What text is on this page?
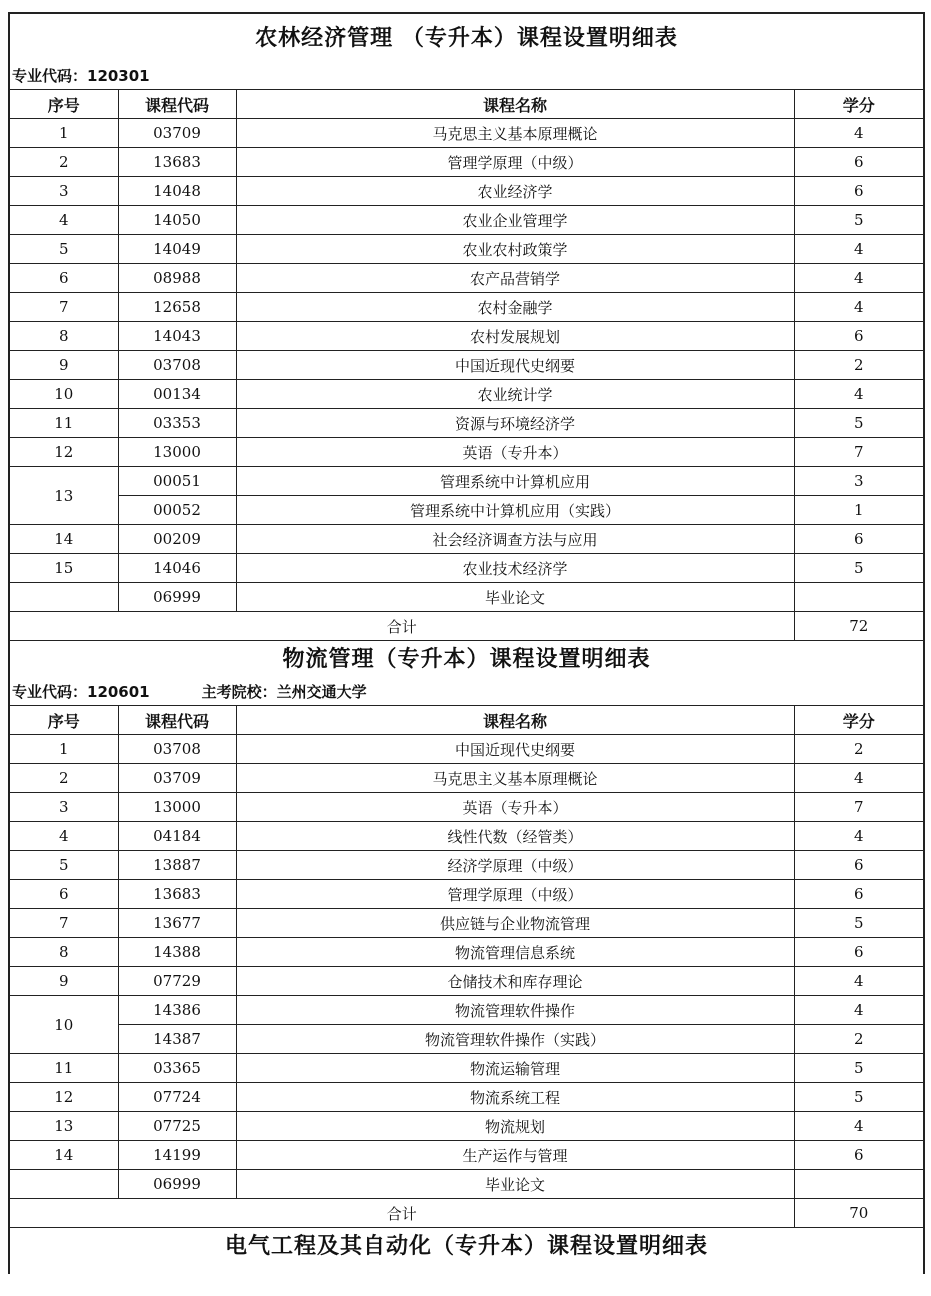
农林经济管理 （专升本）课程设置明细表
专业代码：120301
序号	课程代码	课程名称	学分
1	03709	马克思主义基本原理概论	4
2	13683	管理学原理（中级）	6
3	14048	农业经济学	6
4	14050	农业企业管理学	5
5	14049	农业农村政策学	4
6	08988	农产品营销学	4
7	12658	农村金融学	4
8	14043	农村发展规划	6
9	03708	中国近现代史纲要	2
10	00134	农业统计学	4
11	03353	资源与环境经济学	5
12	13000	英语（专升本）	7
13	00051	管理系统中计算机应用	3
	00052	管理系统中计算机应用（实践）	1
14	00209	社会经济调查方法与应用	6
15	14046	农业技术经济学	5
	06999	毕业论文	
合计			72
物流管理（专升本）课程设置明细表
专业代码：120601	主考院校：兰州交通大学
序号	课程代码	课程名称	学分
1	03708	中国近现代史纲要	2
2	03709	马克思主义基本原理概论	4
3	13000	英语（专升本）	7
4	04184	线性代数（经管类）	4
5	13887	经济学原理（中级）	6
6	13683	管理学原理（中级）	6
7	13677	供应链与企业物流管理	5
8	14388	物流管理信息系统	6
9	07729	仓储技术和库存理论	4
10	14386	物流管理软件操作	4
	14387	物流管理软件操作（实践）	2
11	03365	物流运输管理	5
12	07724	物流系统工程	5
13	07725	物流规划	4
14	14199	生产运作与管理	6
	06999	毕业论文	
合计			70
电气工程及其自动化（专升本）课程设置明细表
